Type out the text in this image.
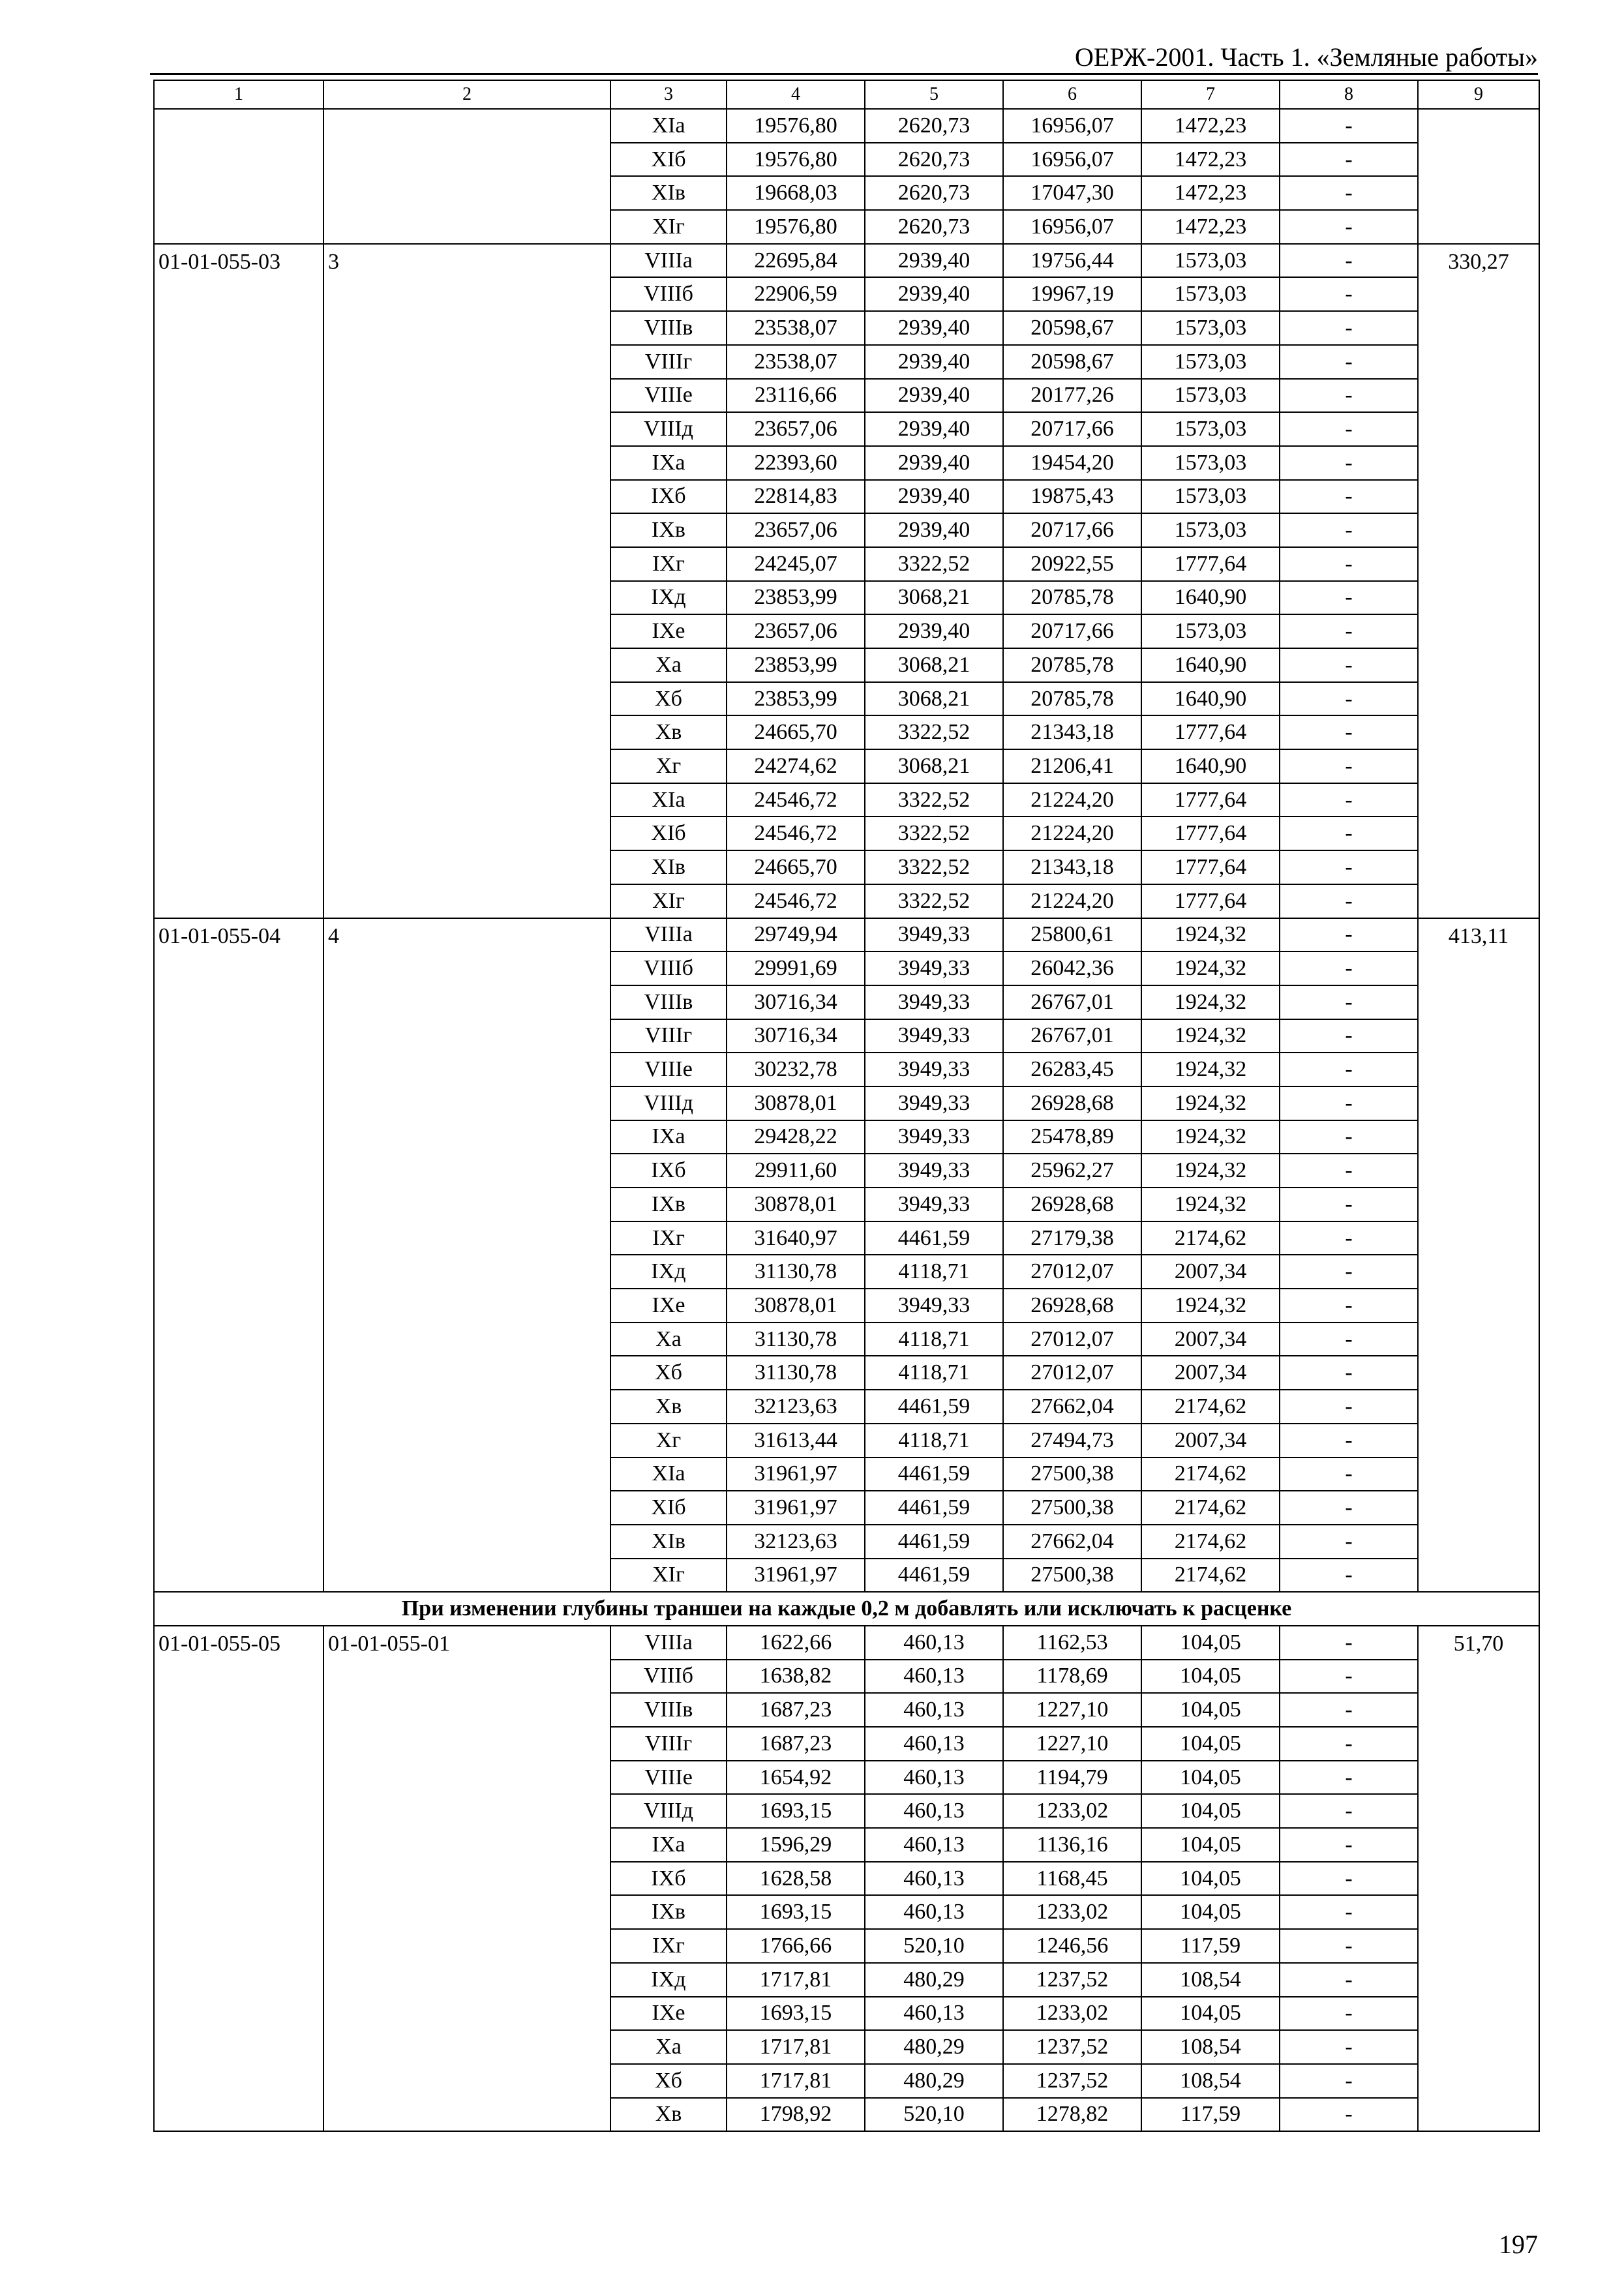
ОЕРЖ-2001. Часть 1. «Земляные работы»
1	2	3	4	5	6	7	8	9
		XIа	19576,80	2620,73	16956,07	1472,23	-	
		XIб	19576,80	2620,73	16956,07	1472,23	-	
		XIв	19668,03	2620,73	17047,30	1472,23	-	
		XIг	19576,80	2620,73	16956,07	1472,23	-	
01-01-055-03	3	VIIIа	22695,84	2939,40	19756,44	1573,03	-	330,27
		VIIIб	22906,59	2939,40	19967,19	1573,03	-	
		VIIIв	23538,07	2939,40	20598,67	1573,03	-	
		VIIIг	23538,07	2939,40	20598,67	1573,03	-	
		VIIIе	23116,66	2939,40	20177,26	1573,03	-	
		VIIIд	23657,06	2939,40	20717,66	1573,03	-	
		IXа	22393,60	2939,40	19454,20	1573,03	-	
		IXб	22814,83	2939,40	19875,43	1573,03	-	
		IXв	23657,06	2939,40	20717,66	1573,03	-	
		IXг	24245,07	3322,52	20922,55	1777,64	-	
		IXд	23853,99	3068,21	20785,78	1640,90	-	
		IXе	23657,06	2939,40	20717,66	1573,03	-	
		Xа	23853,99	3068,21	20785,78	1640,90	-	
		Xб	23853,99	3068,21	20785,78	1640,90	-	
		Xв	24665,70	3322,52	21343,18	1777,64	-	
		Xг	24274,62	3068,21	21206,41	1640,90	-	
		XIа	24546,72	3322,52	21224,20	1777,64	-	
		XIб	24546,72	3322,52	21224,20	1777,64	-	
		XIв	24665,70	3322,52	21343,18	1777,64	-	
		XIг	24546,72	3322,52	21224,20	1777,64	-	
01-01-055-04	4	VIIIа	29749,94	3949,33	25800,61	1924,32	-	413,11
		VIIIб	29991,69	3949,33	26042,36	1924,32	-	
		VIIIв	30716,34	3949,33	26767,01	1924,32	-	
		VIIIг	30716,34	3949,33	26767,01	1924,32	-	
		VIIIе	30232,78	3949,33	26283,45	1924,32	-	
		VIIIд	30878,01	3949,33	26928,68	1924,32	-	
		IXа	29428,22	3949,33	25478,89	1924,32	-	
		IXб	29911,60	3949,33	25962,27	1924,32	-	
		IXв	30878,01	3949,33	26928,68	1924,32	-	
		IXг	31640,97	4461,59	27179,38	2174,62	-	
		IXд	31130,78	4118,71	27012,07	2007,34	-	
		IXе	30878,01	3949,33	26928,68	1924,32	-	
		Xа	31130,78	4118,71	27012,07	2007,34	-	
		Xб	31130,78	4118,71	27012,07	2007,34	-	
		Xв	32123,63	4461,59	27662,04	2174,62	-	
		Xг	31613,44	4118,71	27494,73	2007,34	-	
		XIа	31961,97	4461,59	27500,38	2174,62	-	
		XIб	31961,97	4461,59	27500,38	2174,62	-	
		XIв	32123,63	4461,59	27662,04	2174,62	-	
		XIг	31961,97	4461,59	27500,38	2174,62	-	
При изменении глубины траншеи на каждые 0,2 м добавлять или исключать к расценке								
01-01-055-05	01-01-055-01	VIIIа	1622,66	460,13	1162,53	104,05	-	51,70
		VIIIб	1638,82	460,13	1178,69	104,05	-	
		VIIIв	1687,23	460,13	1227,10	104,05	-	
		VIIIг	1687,23	460,13	1227,10	104,05	-	
		VIIIе	1654,92	460,13	1194,79	104,05	-	
		VIIIд	1693,15	460,13	1233,02	104,05	-	
		IXа	1596,29	460,13	1136,16	104,05	-	
		IXб	1628,58	460,13	1168,45	104,05	-	
		IXв	1693,15	460,13	1233,02	104,05	-	
		IXг	1766,66	520,10	1246,56	117,59	-	
		IXд	1717,81	480,29	1237,52	108,54	-	
		IXе	1693,15	460,13	1233,02	104,05	-	
		Xа	1717,81	480,29	1237,52	108,54	-	
		Xб	1717,81	480,29	1237,52	108,54	-	
		Xв	1798,92	520,10	1278,82	117,59	-	
197
